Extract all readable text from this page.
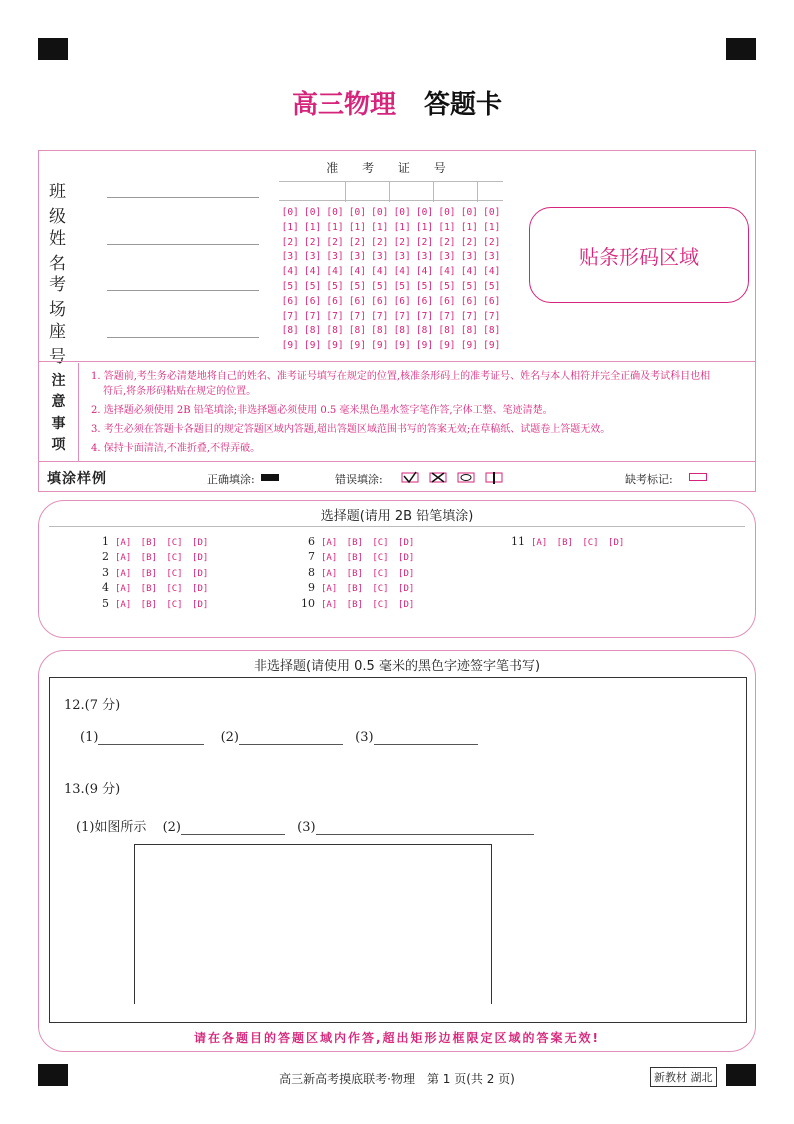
高三物理 答题卡
班　级
姓　名
考　场
座　号
准 考 证 号
[0] [0] [0] [0] [0] [0] [0] [0] [0] [0]
[1] [1] [1] [1] [1] [1] [1] [1] [1] [1]
[2] [2] [2] [2] [2] [2] [2] [2] [2] [2]
[3] [3] [3] [3] [3] [3] [3] [3] [3] [3]
[4] [4] [4] [4] [4] [4] [4] [4] [4] [4]
[5] [5] [5] [5] [5] [5] [5] [5] [5] [5]
[6] [6] [6] [6] [6] [6] [6] [6] [6] [6]
[7] [7] [7] [7] [7] [7] [7] [7] [7] [7]
[8] [8] [8] [8] [8] [8] [8] [8] [8] [8]
[9] [9] [9] [9] [9] [9] [9] [9] [9] [9]
贴条形码区域
注
意
事
项

1. 答题前,考生务必清楚地将自己的姓名、准考证号填写在规定的位置,核准条形码上的准考证号、姓名与本人相符并完全正确及考试科目也相

符后,将条形码粘贴在规定的位置。

2. 选择题必须使用 2B 铅笔填涂;非选择题必须使用 0.5 毫米黑色墨水签字笔作答,字体工整、笔迹清楚。

3. 考生必须在答题卡各题目的规定答题区域内答题,超出答题区域范围书写的答案无效;在草稿纸、试题卷上答题无效。

4. 保持卡面清洁,不准折叠,不得弄破。

填涂样例	正确填涂:	错误填涂:	缺考标记:
选择题(请用 2B 铅笔填涂)
1 [A] [B] [C] [D]
2 [A] [B] [C] [D]
3 [A] [B] [C] [D]
4 [A] [B] [C] [D]
5 [A] [B] [C] [D]
6 [A] [B] [C] [D]
7 [A] [B] [C] [D]
8 [A] [B] [C] [D]
9 [A] [B] [C] [D]
10 [A] [B] [C] [D]
11 [A] [B] [C] [D]
非选择题(请使用 0.5 毫米的黑色字迹签字笔书写)
12.(7 分)
(1)	(2)	(3)
13.(9 分)
(1)如图所示 (2)	(3)
请在各题目的答题区域内作答,超出矩形边框限定区域的答案无效!
高三新高考摸底联考·物理　第 1 页(共 2 页)	新教材 湖北
